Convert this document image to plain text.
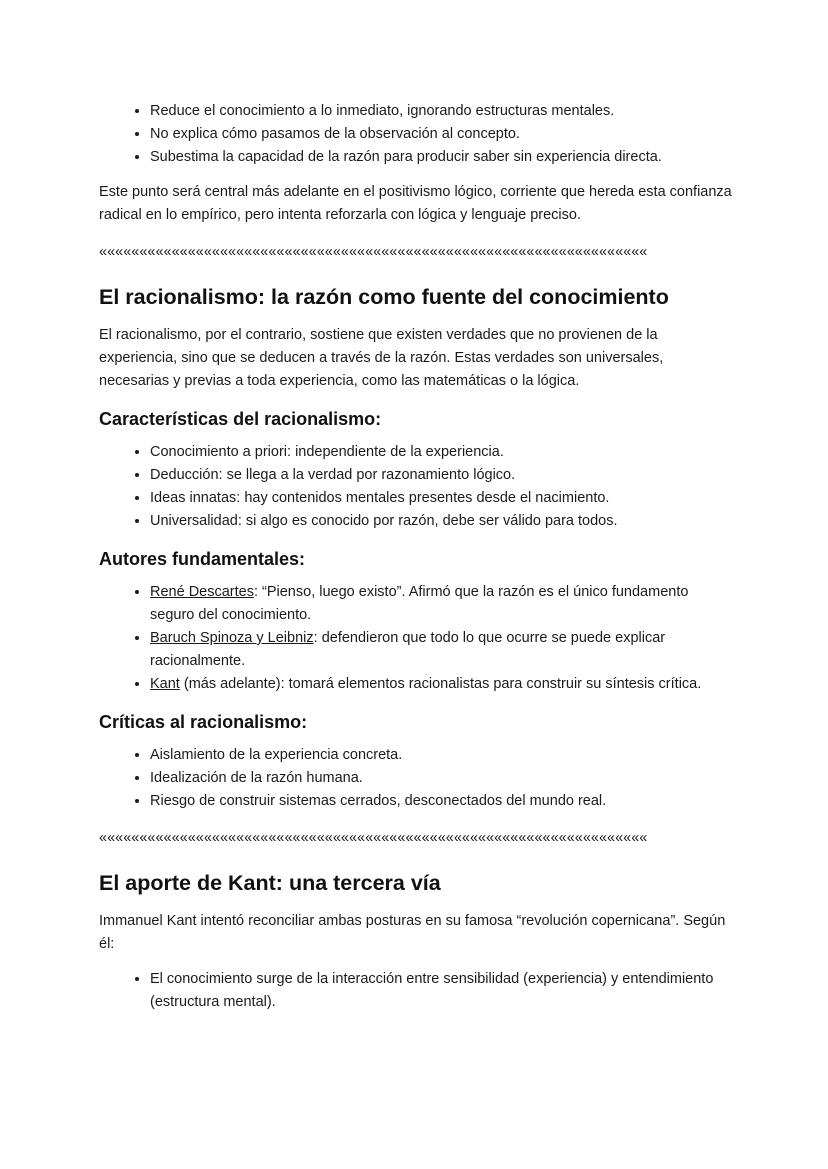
• Reduce el conocimiento a lo inmediato, ignorando estructuras mentales.
• No explica cómo pasamos de la observación al concepto.
• Subestima la capacidad de la razón para producir saber sin experiencia directa.

Este punto será central más adelante en el positivismo lógico, corriente que hereda esta confianza radical en lo empírico, pero intenta reforzarla con lógica y lenguaje preciso.

««««««««««««««««««««««««««««««««««««««««««««««««««««««««««««««««««««
El racionalismo: la razón como fuente del conocimiento

El racionalismo, por el contrario, sostiene que existen verdades que no provienen de la experiencia, sino que se deducen a través de la razón. Estas verdades son universales, necesarias y previas a toda experiencia, como las matemáticas o la lógica.

Características del racionalismo:
• Conocimiento a priori: independiente de la experiencia.
• Deducción: se llega a la verdad por razonamiento lógico.
• Ideas innatas: hay contenidos mentales presentes desde el nacimiento.
• Universalidad: si algo es conocido por razón, debe ser válido para todos.
Autores fundamentales:
• René Descartes: “Pienso, luego existo”. Afirmó que la razón es el único fundamento seguro del conocimiento.
• Baruch Spinoza y Leibniz: defendieron que todo lo que ocurre se puede explicar racionalmente.
• Kant (más adelante): tomará elementos racionalistas para construir su síntesis crítica.
Críticas al racionalismo:
• Aislamiento de la experiencia concreta.
• Idealización de la razón humana.
• Riesgo de construir sistemas cerrados, desconectados del mundo real.
««««««««««««««««««««««««««««««««««««««««««««««««««««««««««««««««««««
El aporte de Kant: una tercera vía

Immanuel Kant intentó reconciliar ambas posturas en su famosa “revolución copernicana”. Según él:

• El conocimiento surge de la interacción entre sensibilidad (experiencia) y entendimiento (estructura mental).
